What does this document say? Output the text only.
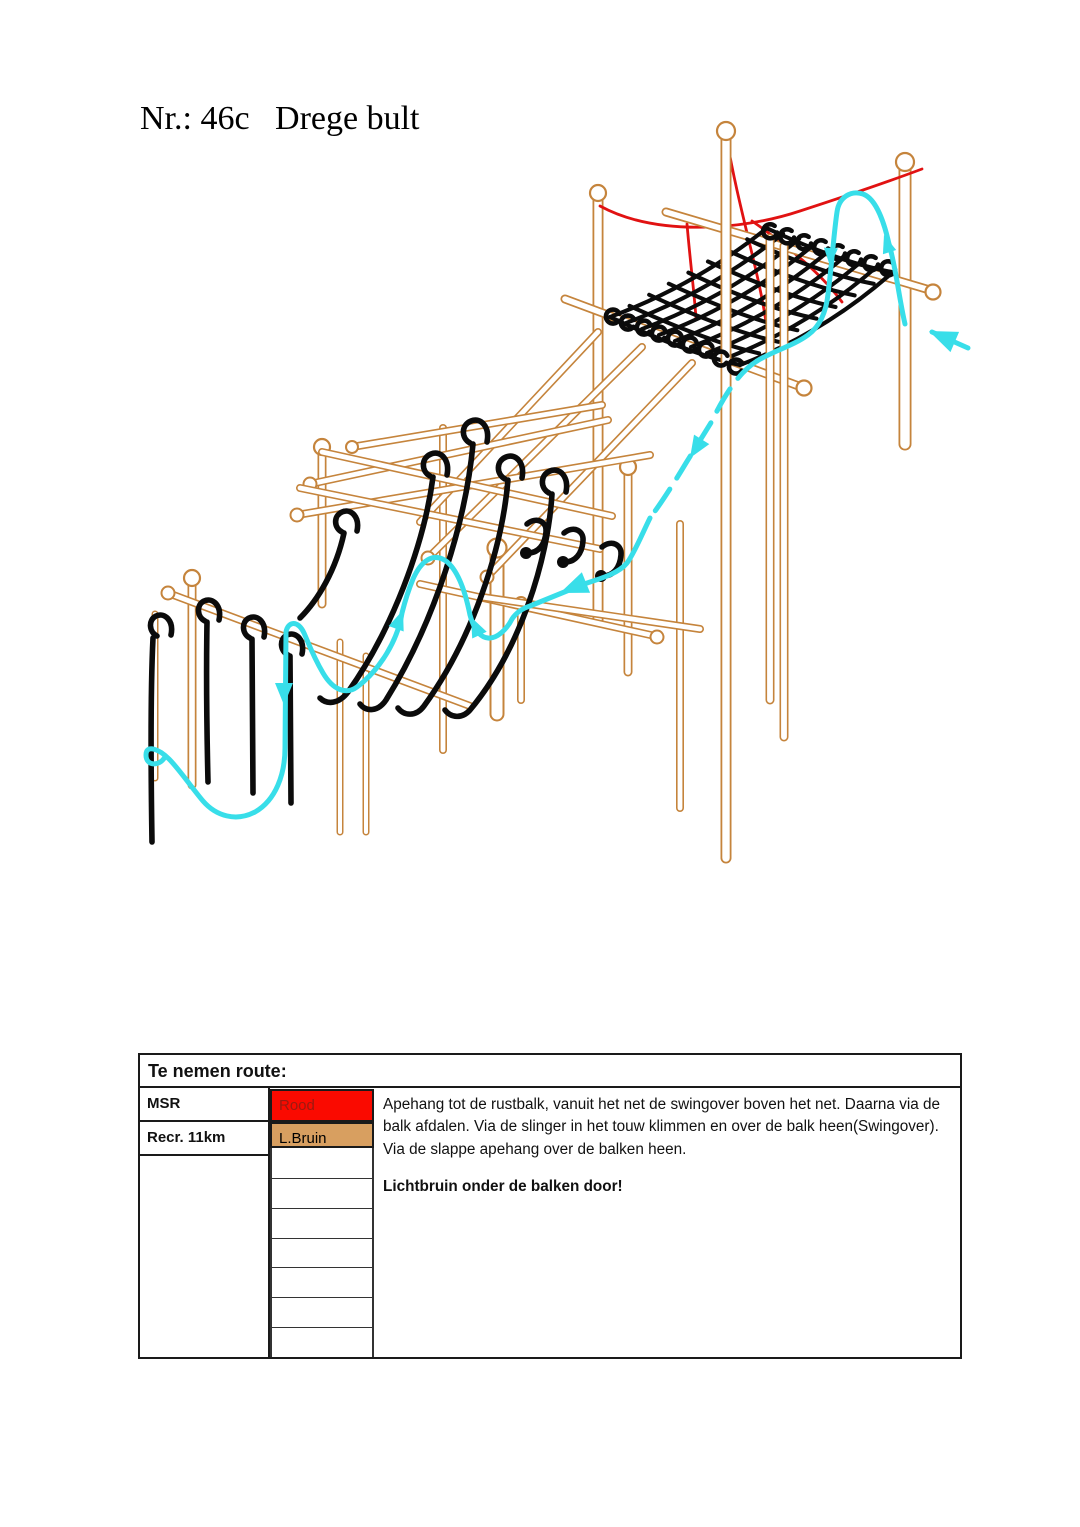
Nr.: 46c   Drege bult
Te nemen route:
MSR
Recr. 11km
Rood
L.Bruin
Apehang tot de rustbalk, vanuit het net de swingover boven het net. Daarna via de balk afdalen. Via de slinger in het touw klimmen en over de balk heen(Swingover). Via de slappe apehang over de balken heen.
Lichtbruin onder de balken door!
